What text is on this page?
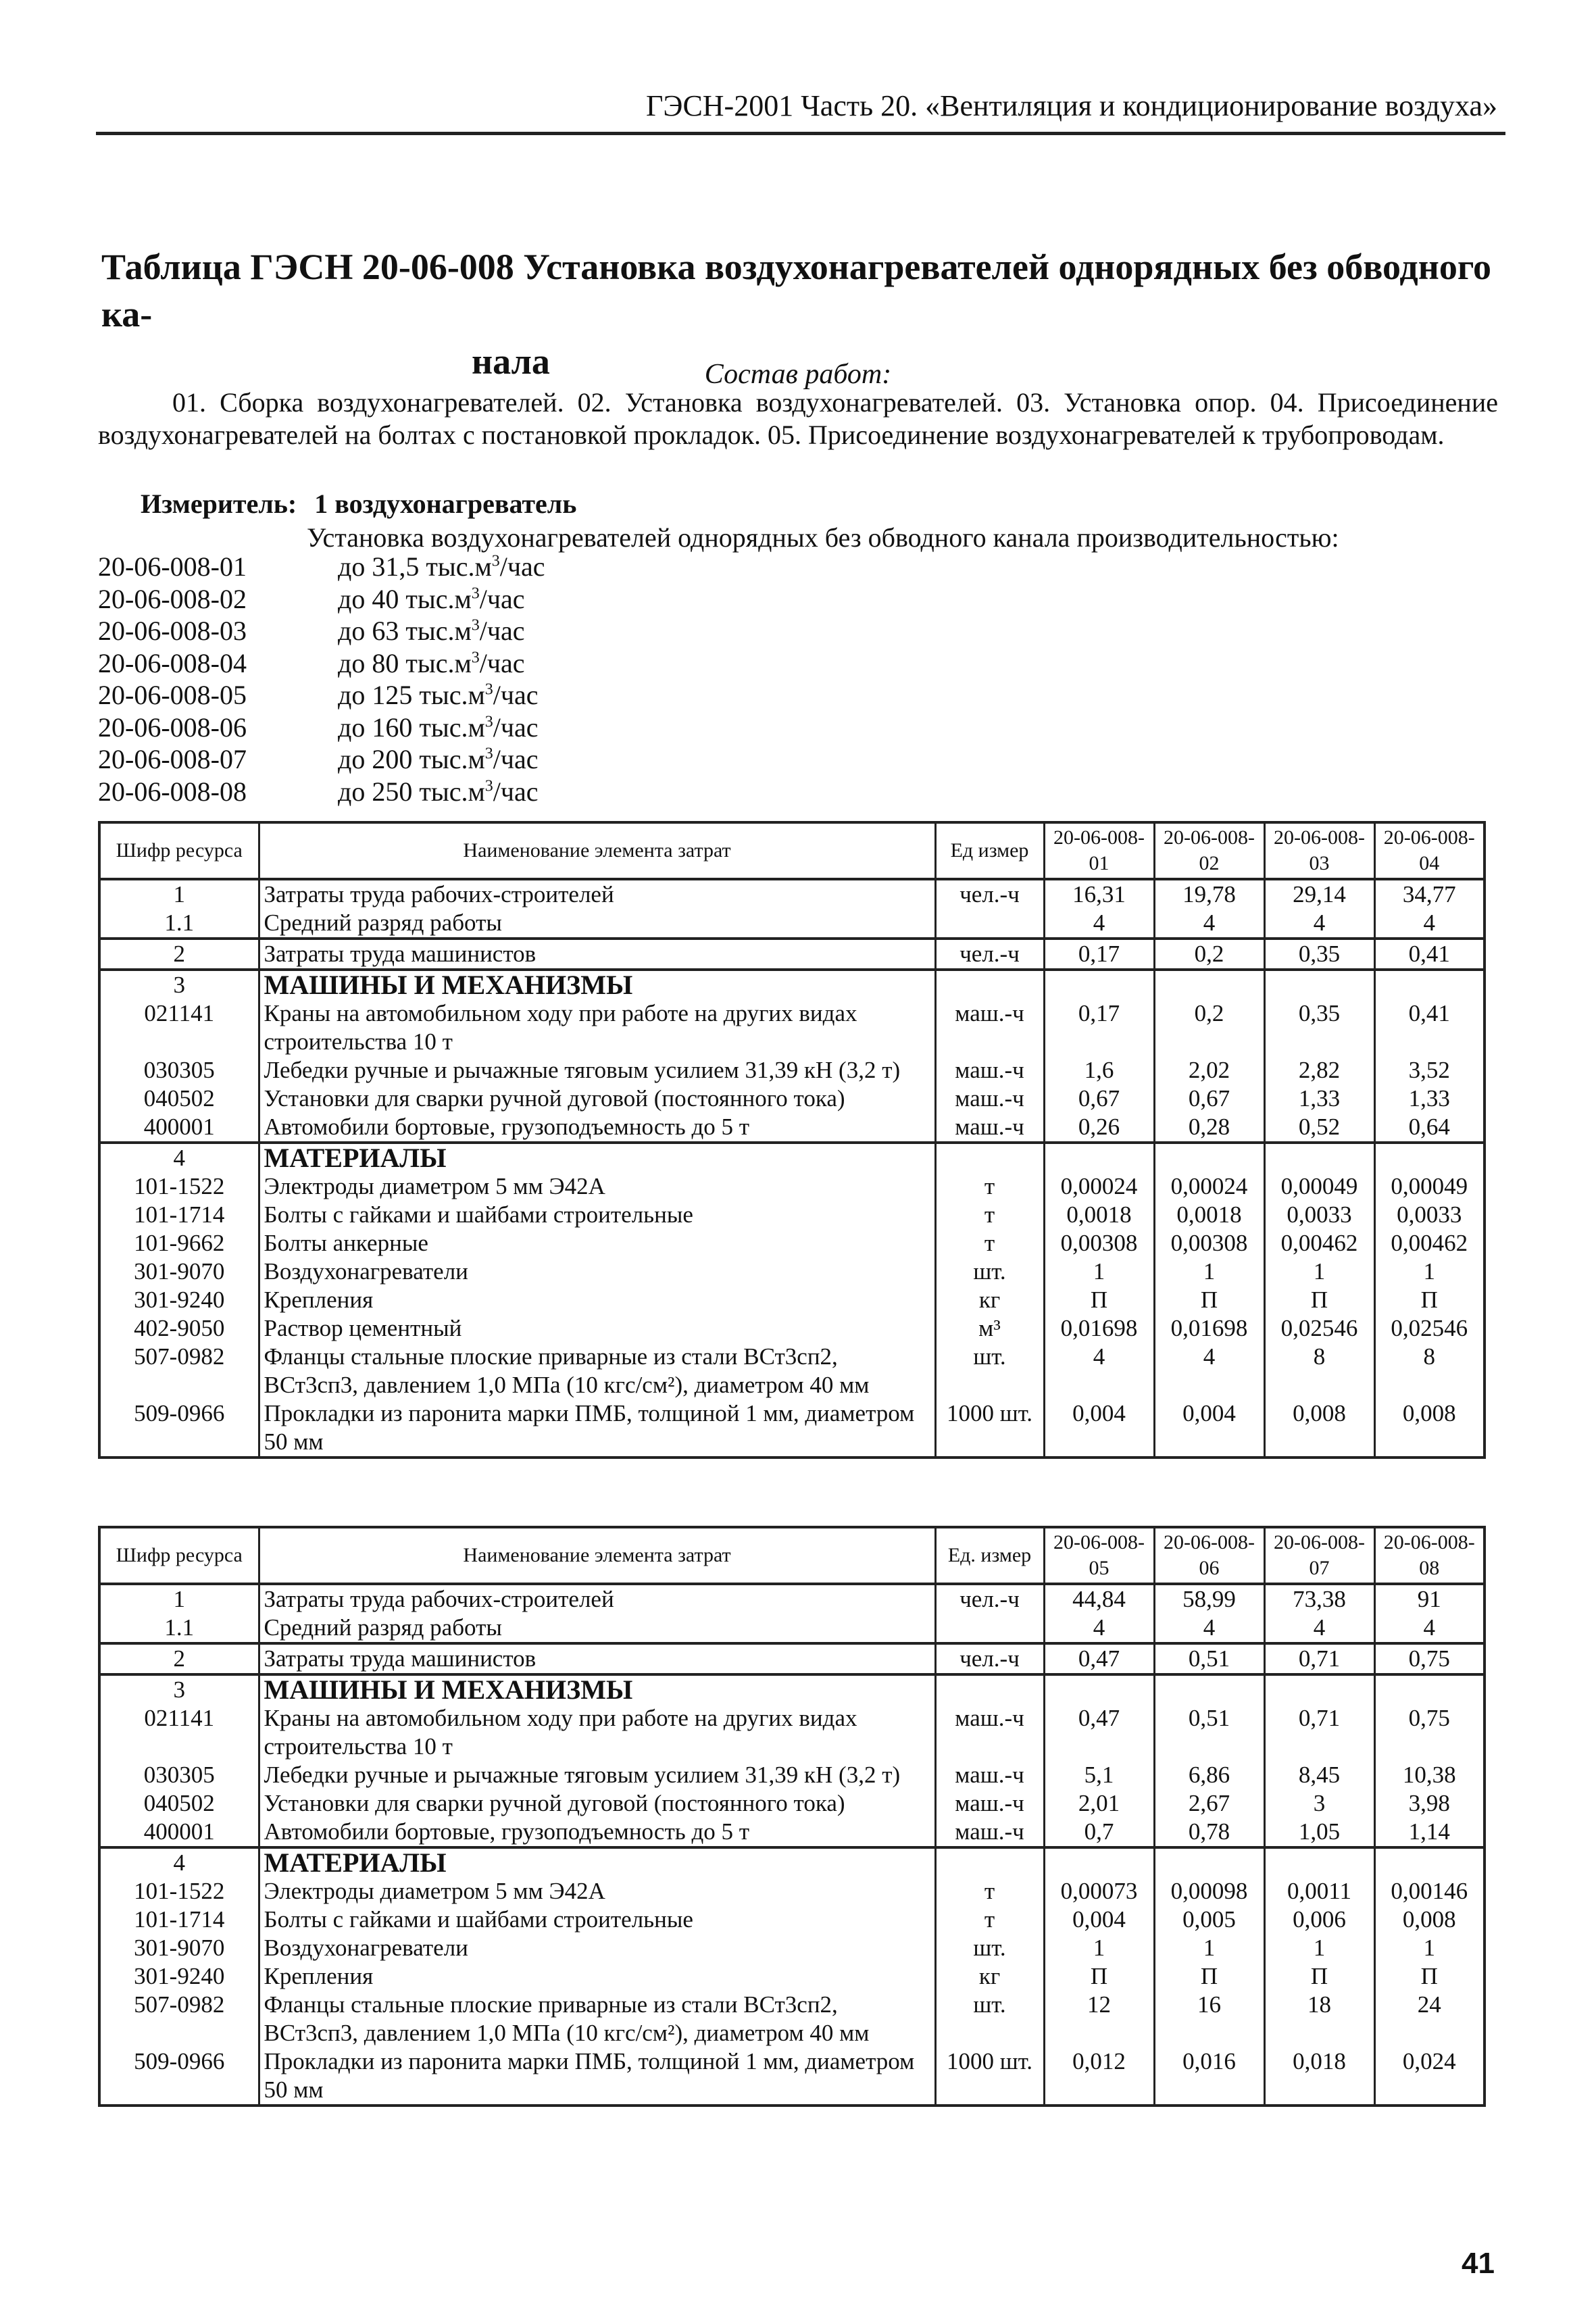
ГЭСН-2001 Часть 20. «Вентиляция и кондиционирование воздуха»
Таблица ГЭСН 20-06-008 Установка воздухонагревателей однорядных без обводного ка-
нала	Состав работ:
01. Сборка воздухонагревателей. 02. Установка воздухонагревателей. 03. Установка опор. 04. Присоединение воздухонагревателей на болтах с постановкой прокладок. 05. Присоединение воздухонагревателей к трубопроводам.
Измеритель: 1 воздухонагреватель
Установка воздухонагревателей однорядных без обводного канала производительностью:
20-06-008-01	до 31,5 $тыс.м^3$/час
20-06-008-02	до 40 $тыс.м^3$/час
20-06-008-03	до 63 $тыс.м^3$/час
20-06-008-04	до 80 $тыс.м^3$/час
20-06-008-05	до 125 $тыс.м^3$/час
20-06-008-06	до 160 $тыс.м^3$/час
20-06-008-07	до 200 $тыс.м^3$/час
20-06-008-08	до 250 $тыс.м^3$/час
Шифр ресурса	Наименование элемента затрат	Ед измер	20-06-008-01	20-06-008-02	20-06-008-03	20-06-008-04
1	Затраты труда рабочих-строителей	чел.-ч	16,31	19,78	29,14	34,77
1.1	Средний разряд работы		4	4	4	4
2	Затраты труда машинистов	чел.-ч	0,17	0,2	0,35	0,41
3	МАШИНЫ И МЕХАНИЗМЫ					
021141	Краны на автомобильном ходу при работе на других видах строительства 10 т	маш.-ч	0,17	0,2	0,35	0,41
030305	Лебедки ручные и рычажные тяговым усилием 31,39 кН (3,2 т)	маш.-ч	1,6	2,02	2,82	3,52
040502	Установки для сварки ручной дуговой (постоянного тока)	маш.-ч	0,67	0,67	1,33	1,33
400001	Автомобили бортовые, грузоподъемность до 5 т	маш.-ч	0,26	0,28	0,52	0,64
4	МАТЕРИАЛЫ					
101-1522	Электроды диаметром 5 мм Э42А	т	0,00024	0,00024	0,00049	0,00049
101-1714	Болты с гайками и шайбами строительные	т	0,0018	0,0018	0,0033	0,0033
101-9662	Болты анкерные	т	0,00308	0,00308	0,00462	0,00462
301-9070	Воздухонагреватели	шт.	1	1	1	1
301-9240	Крепления	кг	П	П	П	П
402-9050	Раствор цементный	м³	0,01698	0,01698	0,02546	0,02546
507-0982	Фланцы стальные плоские приварные из стали ВСт3сп2, ВСт3сп3, давлением 1,0 МПа (10 кгс/см²), диаметром 40 мм	шт.	4	4	8	8
509-0966	Прокладки из паронита марки ПМБ, толщиной 1 мм, диаметром 50 мм	1000 шт.	0,004	0,004	0,008	0,008
Шифр ресурса	Наименование элемента затрат	Ед. измер	20-06-008-05	20-06-008-06	20-06-008-07	20-06-008-08
1	Затраты труда рабочих-строителей	чел.-ч	44,84	58,99	73,38	91
1.1	Средний разряд работы		4	4	4	4
2	Затраты труда машинистов	чел.-ч	0,47	0,51	0,71	0,75
3	МАШИНЫ И МЕХАНИЗМЫ					
021141	Краны на автомобильном ходу при работе на других видах строительства 10 т	маш.-ч	0,47	0,51	0,71	0,75
030305	Лебедки ручные и рычажные тяговым усилием 31,39 кН (3,2 т)	маш.-ч	5,1	6,86	8,45	10,38
040502	Установки для сварки ручной дуговой (постоянного тока)	маш.-ч	2,01	2,67	3	3,98
400001	Автомобили бортовые, грузоподъемность до 5 т	маш.-ч	0,7	0,78	1,05	1,14
4	МАТЕРИАЛЫ					
101-1522	Электроды диаметром 5 мм Э42А	т	0,00073	0,00098	0,0011	0,00146
101-1714	Болты с гайками и шайбами строительные	т	0,004	0,005	0,006	0,008
301-9070	Воздухонагреватели	шт.	1	1	1	1
301-9240	Крепления	кг	П	П	П	П
507-0982	Фланцы стальные плоские приварные из стали ВСт3сп2, ВСт3сп3, давлением 1,0 МПа (10 кгс/см²), диаметром 40 мм	шт.	12	16	18	24
509-0966	Прокладки из паронита марки ПМБ, толщиной 1 мм, диаметром 50 мм	1000 шт.	0,012	0,016	0,018	0,024
41
